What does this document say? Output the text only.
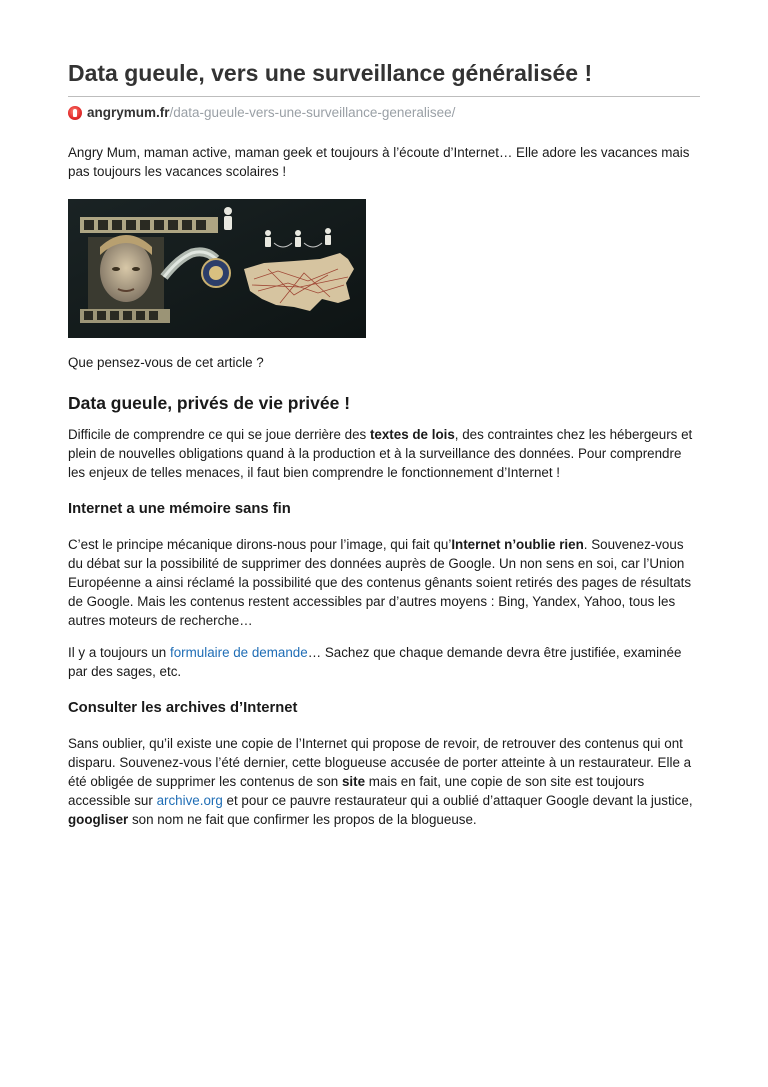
Data gueule, vers une surveillance généralisée !
angrymum.fr /data-gueule-vers-une-surveillance-generalisee/

Angry Mum, maman active, maman geek et toujours à l’écoute d’Internet… Elle adore les vacances mais pas toujours les vacances scolaires !

Que pensez-vous de cet article ?

Data gueule, privés de vie privée !

Difficile de comprendre ce qui se joue derrière des textes de lois, des contraintes chez les hébergeurs et plein de nouvelles obligations quand à la production et à la surveillance des données. Pour comprendre les enjeux de telles menaces, il faut bien comprendre le fonctionnement d’Internet !

Internet a une mémoire sans fin

C’est le principe mécanique dirons-nous pour l’image, qui fait qu’Internet n’oublie rien. Souvenez-vous du débat sur la possibilité de supprimer des données auprès de Google. Un non sens en soi, car l’Union Européenne a ainsi réclamé la possibilité que des contenus gênants soient retirés des pages de résultats de Google. Mais les contenus restent accessibles par d’autres moyens : Bing, Yandex, Yahoo, tous les autres moteurs de recherche…

Il y a toujours un formulaire de demande… Sachez que chaque demande devra être justifiée, examinée par des sages, etc.

Consulter les archives d’Internet

Sans oublier, qu’il existe une copie de l’Internet qui propose de revoir, de retrouver des contenus qui ont disparu. Souvenez-vous l’été dernier, cette blogueuse accusée de porter atteinte à un restaurateur. Elle a été obligée de supprimer les contenus de son site mais en fait, une copie de son site est toujours accessible sur archive.org et pour ce pauvre restaurateur qui a oublié d’attaquer Google devant la justice, googliser son nom ne fait que confirmer les propos de la blogueuse.
